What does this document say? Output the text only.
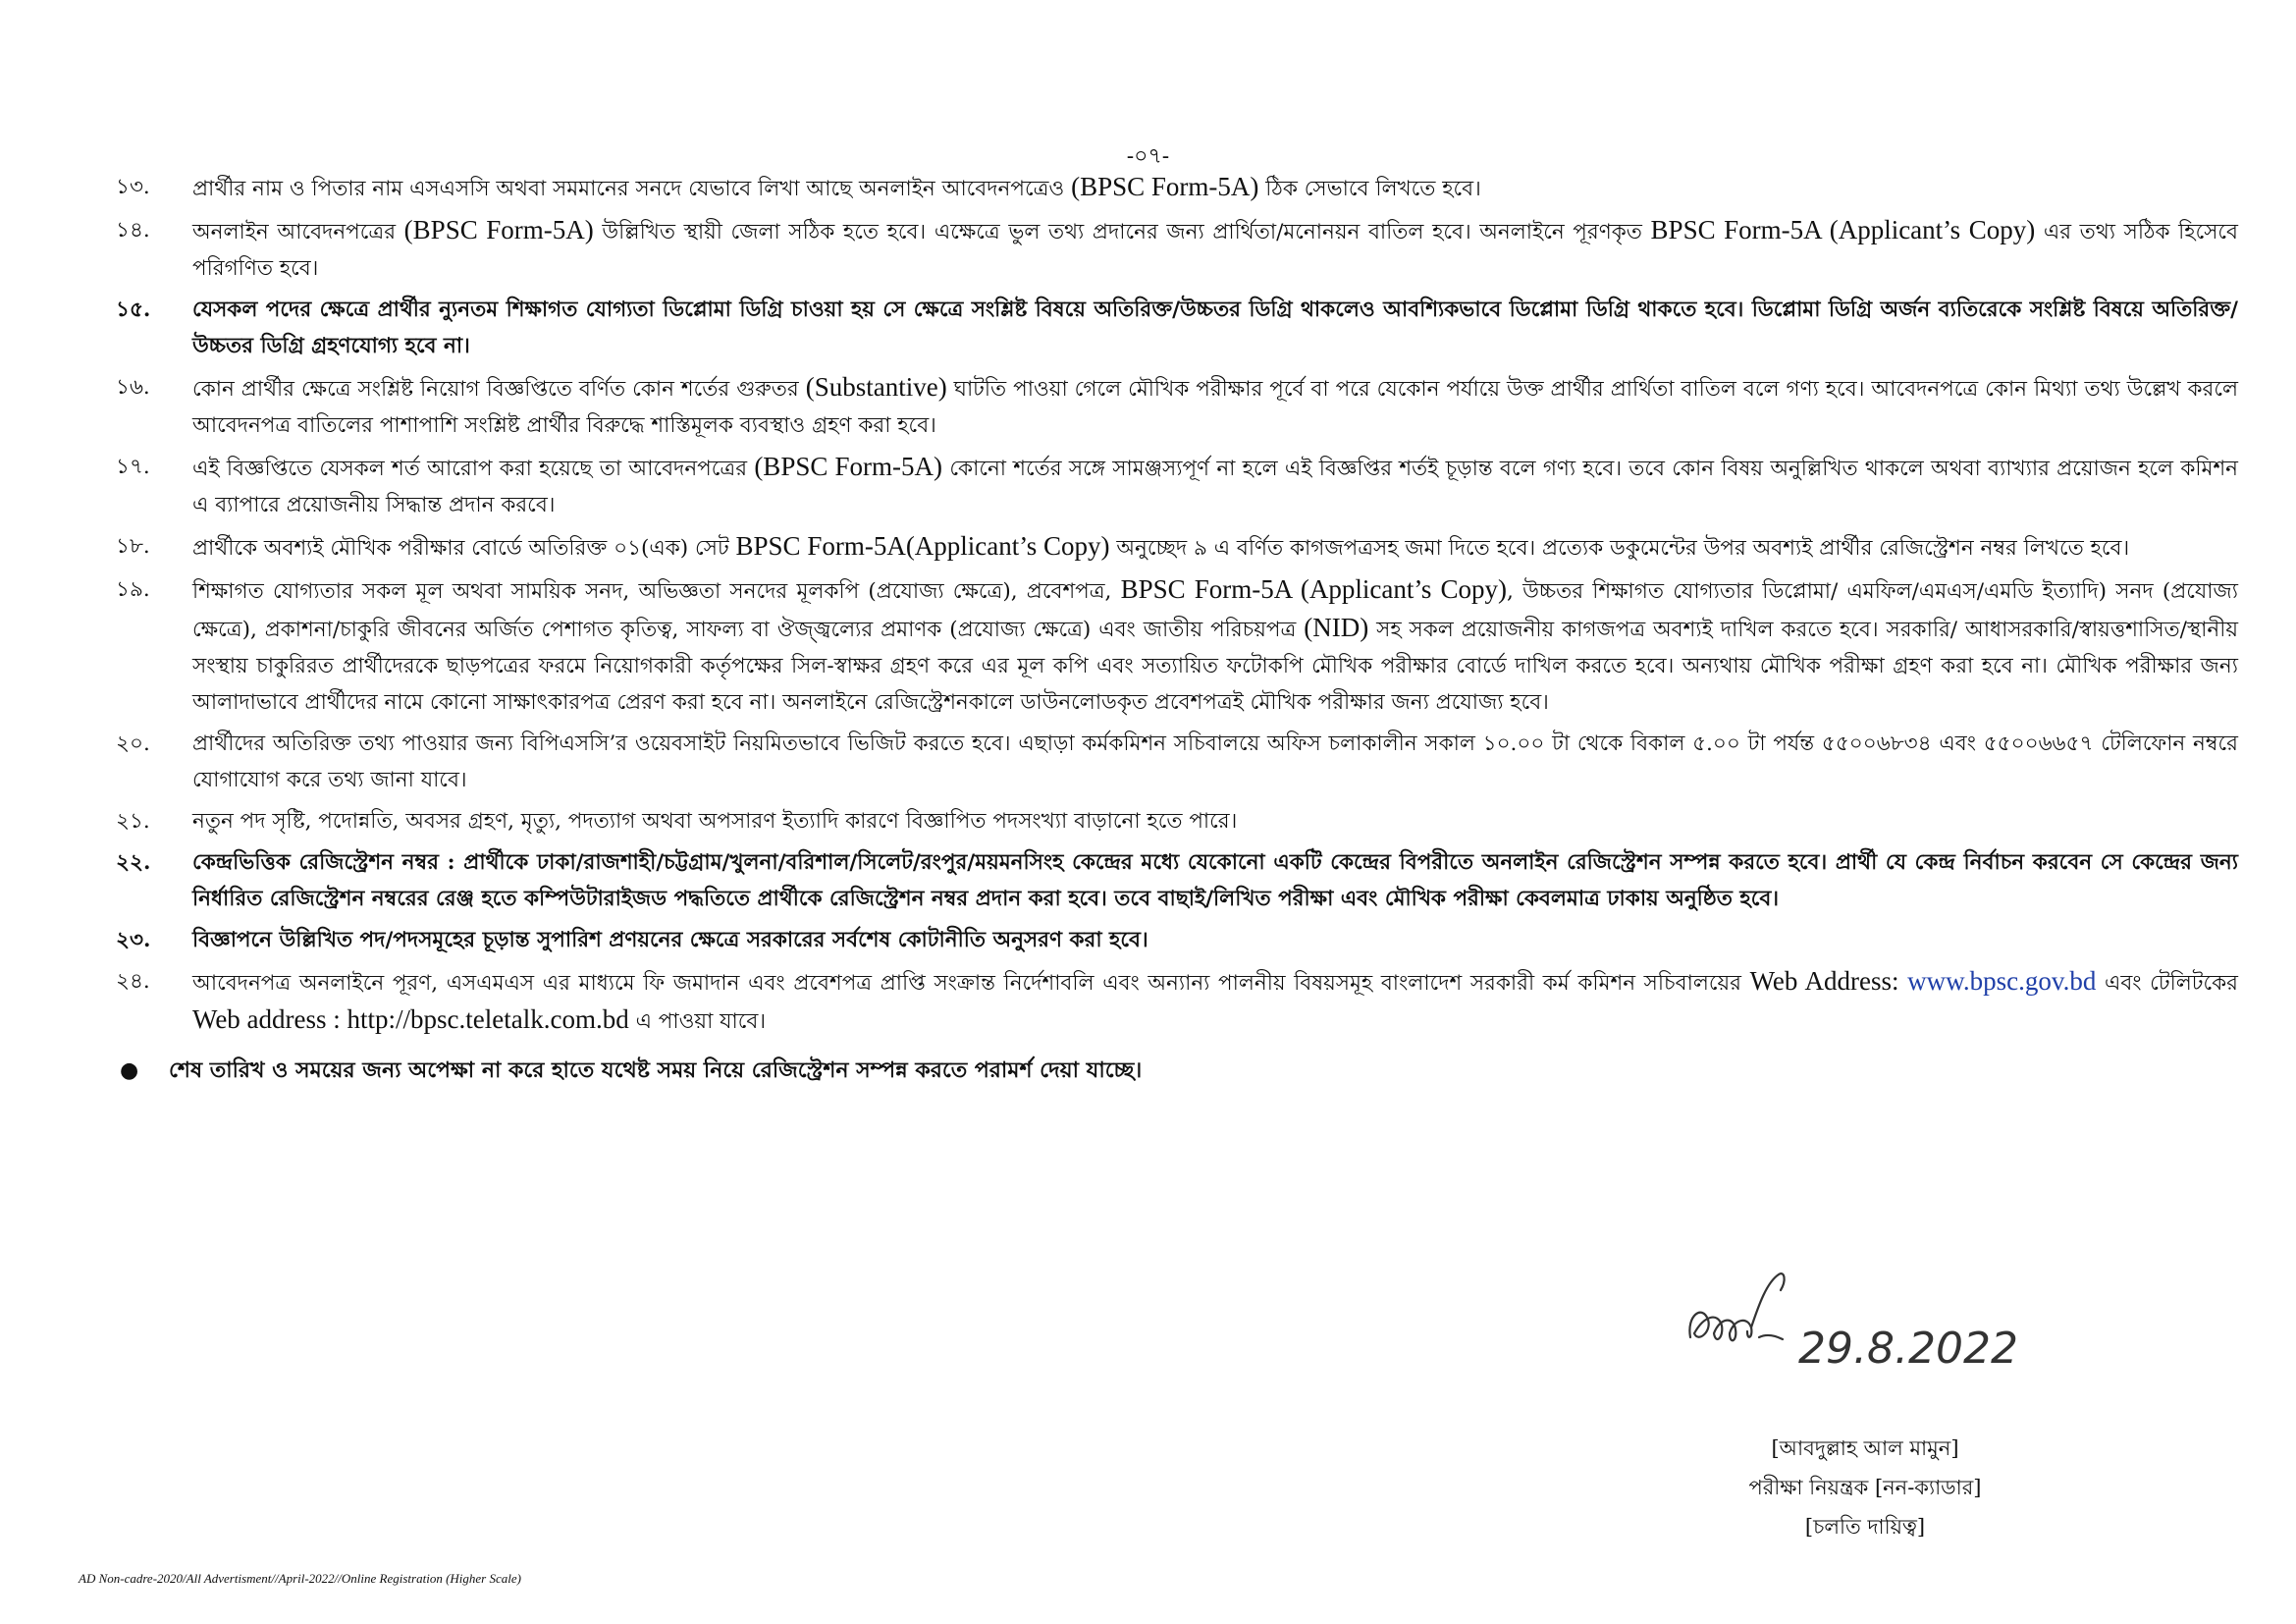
-০৭-
১৩.	প্রার্থীর নাম ও পিতার নাম এসএসসি অথবা সমমানের সনদে যেভাবে লিখা আছে অনলাইন আবেদনপত্রেও (BPSC Form-5A) ঠিক সেভাবে লিখতে হবে।
১৪.	অনলাইন আবেদনপত্রের (BPSC Form-5A) উল্লিখিত স্থায়ী জেলা সঠিক হতে হবে। এক্ষেত্রে ভুল তথ্য প্রদানের জন্য প্রার্থিতা/মনোনয়ন বাতিল হবে। অনলাইনে পূরণকৃত BPSC Form-5A (Applicant’s Copy) এর তথ্য সঠিক হিসেবে পরিগণিত হবে।
১৫.	যেসকল পদের ক্ষেত্রে প্রার্থীর ন্যুনতম শিক্ষাগত যোগ্যতা ডিপ্লোমা ডিগ্রি চাওয়া হয় সে ক্ষেত্রে সংশ্লিষ্ট বিষয়ে অতিরিক্ত/উচ্চতর ডিগ্রি থাকলেও আবশ্যিকভাবে ডিপ্লোমা ডিগ্রি থাকতে হবে। ডিপ্লোমা ডিগ্রি অর্জন ব্যতিরেকে সংশ্লিষ্ট বিষয়ে অতিরিক্ত/উচ্চতর ডিগ্রি গ্রহণযোগ্য হবে না।
১৬.	কোন প্রার্থীর ক্ষেত্রে সংশ্লিষ্ট নিয়োগ বিজ্ঞপ্তিতে বর্ণিত কোন শর্তের গুরুতর (Substantive) ঘাটতি পাওয়া গেলে মৌখিক পরীক্ষার পূর্বে বা পরে যেকোন পর্যায়ে উক্ত প্রার্থীর প্রার্থিতা বাতিল বলে গণ্য হবে। আবেদনপত্রে কোন মিথ্যা তথ্য উল্লেখ করলে আবেদনপত্র বাতিলের পাশাপাশি সংশ্লিষ্ট প্রার্থীর বিরুদ্ধে শাস্তিমূলক ব্যবস্থাও গ্রহণ করা হবে।
১৭.	এই বিজ্ঞপ্তিতে যেসকল শর্ত আরোপ করা হয়েছে তা আবেদনপত্রের (BPSC Form-5A) কোনো শর্তের সঙ্গে সামঞ্জস্যপূর্ণ না হলে এই বিজ্ঞপ্তির শর্তই চূড়ান্ত বলে গণ্য হবে। তবে কোন বিষয় অনুল্লিখিত থাকলে অথবা ব্যাখ্যার প্রয়োজন হলে কমিশন এ ব্যাপারে প্রয়োজনীয় সিদ্ধান্ত প্রদান করবে।
১৮.	প্রার্থীকে অবশ্যই মৌখিক পরীক্ষার বোর্ডে অতিরিক্ত ০১(এক) সেট BPSC Form-5A(Applicant’s Copy) অনুচ্ছেদ ৯ এ বর্ণিত কাগজপত্রসহ জমা দিতে হবে। প্রত্যেক ডকুমেন্টের উপর অবশ্যই প্রার্থীর রেজিস্ট্রেশন নম্বর লিখতে হবে।
১৯.	শিক্ষাগত যোগ্যতার সকল মূল অথবা সাময়িক সনদ, অভিজ্ঞতা সনদের মূলকপি (প্রযোজ্য ক্ষেত্রে), প্রবেশপত্র, BPSC Form-5A (Applicant’s Copy), উচ্চতর শিক্ষাগত যোগ্যতার ডিপ্লোমা/ এমফিল/এমএস/এমডি ইত্যাদি) সনদ (প্রযোজ্য ক্ষেত্রে), প্রকাশনা/চাকুরি জীবনের অর্জিত পেশাগত কৃতিত্ব, সাফল্য বা ঔজ্জ্বল্যের প্রমাণক (প্রযোজ্য ক্ষেত্রে) এবং জাতীয় পরিচয়পত্র (NID) সহ সকল প্রয়োজনীয় কাগজপত্র অবশ্যই দাখিল করতে হবে। সরকারি/ আধাসরকারি/স্বায়ত্তশাসিত/স্থানীয় সংস্থায় চাকুরিরত প্রার্থীদেরকে ছাড়পত্রের ফরমে নিয়োগকারী কর্তৃপক্ষের সিল-স্বাক্ষর গ্রহণ করে এর মূল কপি এবং সত্যায়িত ফটোকপি মৌখিক পরীক্ষার বোর্ডে দাখিল করতে হবে। অন্যথায় মৌখিক পরীক্ষা গ্রহণ করা হবে না। মৌখিক পরীক্ষার জন্য আলাদাভাবে প্রার্থীদের নামে কোনো সাক্ষাৎকারপত্র প্রেরণ করা হবে না। অনলাইনে রেজিস্ট্রেশনকালে ডাউনলোডকৃত প্রবেশপত্রই মৌখিক পরীক্ষার জন্য প্রযোজ্য হবে।
২০.	প্রার্থীদের অতিরিক্ত তথ্য পাওয়ার জন্য বিপিএসসি’র ওয়েবসাইট নিয়মিতভাবে ভিজিট করতে হবে। এছাড়া কর্মকমিশন সচিবালয়ে অফিস চলাকালীন সকাল ১০.০০ টা থেকে বিকাল ৫.০০ টা পর্যন্ত ৫৫০০৬৮৩৪ এবং ৫৫০০৬৬৫৭ টেলিফোন নম্বরে যোগাযোগ করে তথ্য জানা যাবে।
২১.	নতুন পদ সৃষ্টি, পদোন্নতি, অবসর গ্রহণ, মৃত্যু, পদত্যাগ অথবা অপসারণ ইত্যাদি কারণে বিজ্ঞাপিত পদসংখ্যা বাড়ানো হতে পারে।
২২.	কেন্দ্রভিত্তিক রেজিস্ট্রেশন নম্বর : প্রার্থীকে ঢাকা/রাজশাহী/চট্টগ্রাম/খুলনা/বরিশাল/সিলেট/রংপুর/ময়মনসিংহ কেন্দ্রের মধ্যে যেকোনো একটি কেন্দ্রের বিপরীতে অনলাইন রেজিস্ট্রেশন সম্পন্ন করতে হবে। প্রার্থী যে কেন্দ্র নির্বাচন করবেন সে কেন্দ্রের জন্য নির্ধারিত রেজিস্ট্রেশন নম্বরের রেঞ্জ হতে কম্পিউটারাইজড পদ্ধতিতে প্রার্থীকে রেজিস্ট্রেশন নম্বর প্রদান করা হবে। তবে বাছাই/লিখিত পরীক্ষা এবং মৌখিক পরীক্ষা কেবলমাত্র ঢাকায় অনুষ্ঠিত হবে।
২৩.	বিজ্ঞাপনে উল্লিখিত পদ/পদসমূহের চূড়ান্ত সুপারিশ প্রণয়নের ক্ষেত্রে সরকারের সর্বশেষ কোটানীতি অনুসরণ করা হবে।
২৪.	আবেদনপত্র অনলাইনে পূরণ, এসএমএস এর মাধ্যমে ফি জমাদান এবং প্রবেশপত্র প্রাপ্তি সংক্রান্ত নির্দেশাবলি এবং অন্যান্য পালনীয় বিষয়সমূহ বাংলাদেশ সরকারী কর্ম কমিশন সচিবালয়ের Web Address: www.bpsc.gov.bd এবং টেলিটকের Web address : http://bpsc.teletalk.com.bd এ পাওয়া যাবে।
●	শেষ তারিখ ও সময়ের জন্য অপেক্ষা না করে হাতে যথেষ্ট সময় নিয়ে রেজিস্ট্রেশন সম্পন্ন করতে পরামর্শ দেয়া যাচ্ছে।
29.8.2022
[আবদুল্লাহ আল মামুন]
পরীক্ষা নিয়ন্ত্রক [নন-ক্যাডার]
[চলতি দায়িত্ব]
AD Non-cadre-2020/All Advertisment//April-2022//Online Registration (Higher Scale)
